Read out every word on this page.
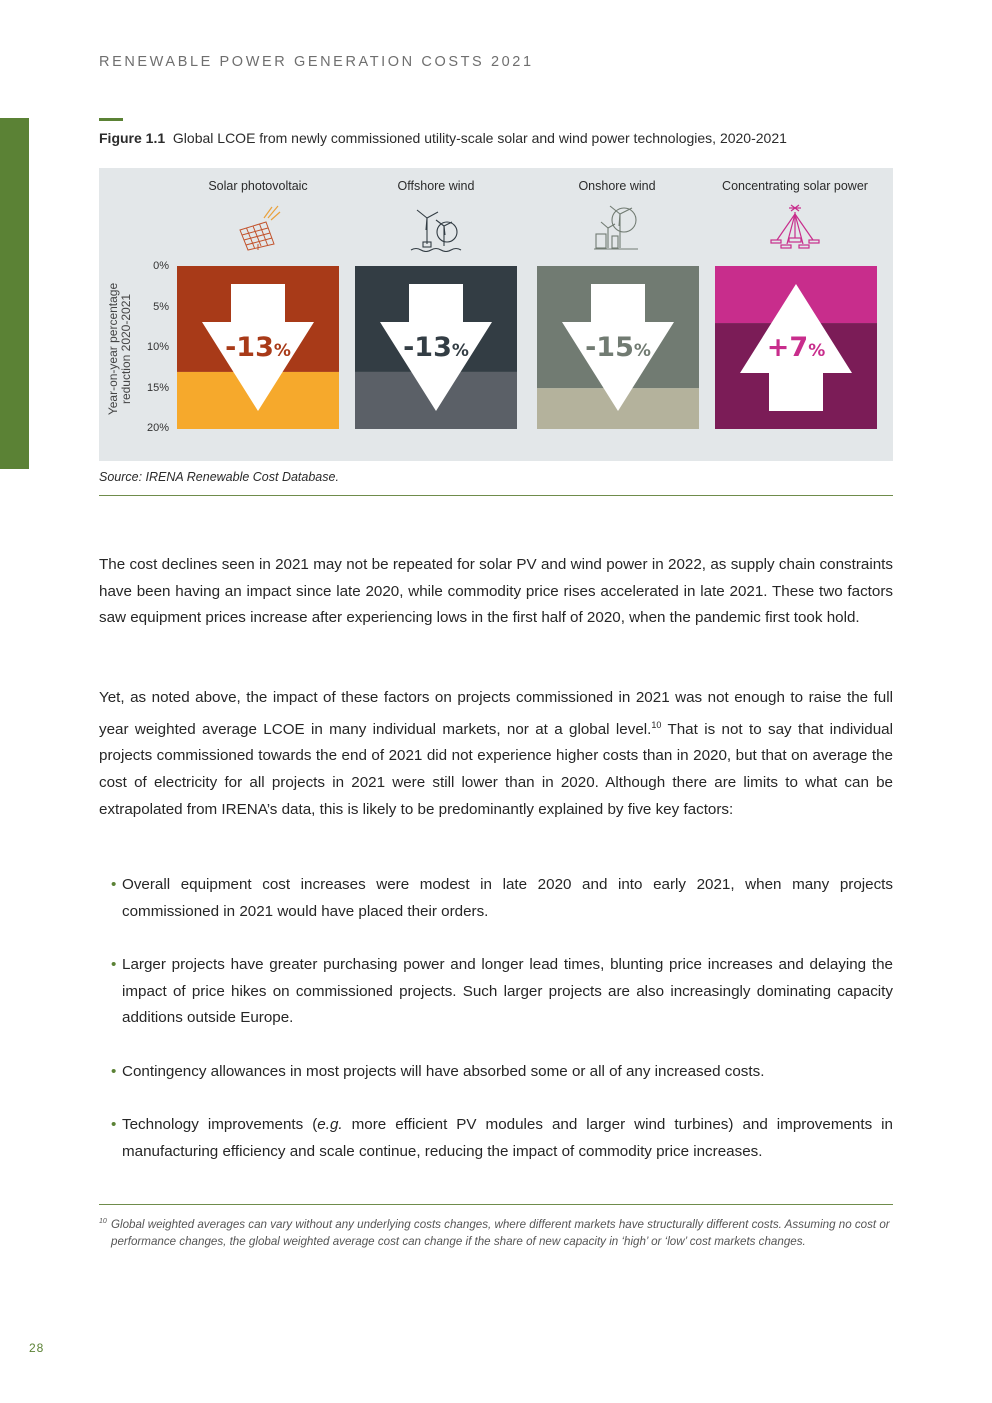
RENEWABLE POWER GENERATION COSTS 2021
Figure 1.1 Global LCOE from newly commissioned utility-scale solar and wind power technologies, 2020-2021
Solar photovoltaic	Offshore wind	Onshore wind	Concentrating solar power
Year-on-year percentage reduction 2020-2021
0%
5%
10%
15%
20%
-13%	-13%	-15%	+7%
Source: IRENA Renewable Cost Database.
The cost declines seen in 2021 may not be repeated for solar PV and wind power in 2022, as supply chain constraints have been having an impact since late 2020, while commodity price rises accelerated in late 2021. These two factors saw equipment prices increase after experiencing lows in the first half of 2020, when the pandemic first took hold.
Yet, as noted above, the impact of these factors on projects commissioned in 2021 was not enough to raise the full year weighted average LCOE in many individual markets, nor at a global level.$^{10}$ That is not to say that individual projects commissioned towards the end of 2021 did not experience higher costs than in 2020, but that on average the cost of electricity for all projects in 2021 were still lower than in 2020. Although there are limits to what can be extrapolated from IRENA’s data, this is likely to be predominantly explained by five key factors:
• Overall equipment cost increases were modest in late 2020 and into early 2021, when many projects commissioned in 2021 would have placed their orders.
• Larger projects have greater purchasing power and longer lead times, blunting price increases and delaying the impact of price hikes on commissioned projects. Such larger projects are also increasingly dominating capacity additions outside Europe.
• Contingency allowances in most projects will have absorbed some or all of any increased costs.
• Technology improvements (e.g. more efficient PV modules and larger wind turbines) and improvements in manufacturing efficiency and scale continue, reducing the impact of commodity price increases.
10 Global weighted averages can vary without any underlying costs changes, where different markets have structurally different costs. Assuming no cost or performance changes, the global weighted average cost can change if the share of new capacity in ‘high’ or ‘low’ cost markets changes.
28
